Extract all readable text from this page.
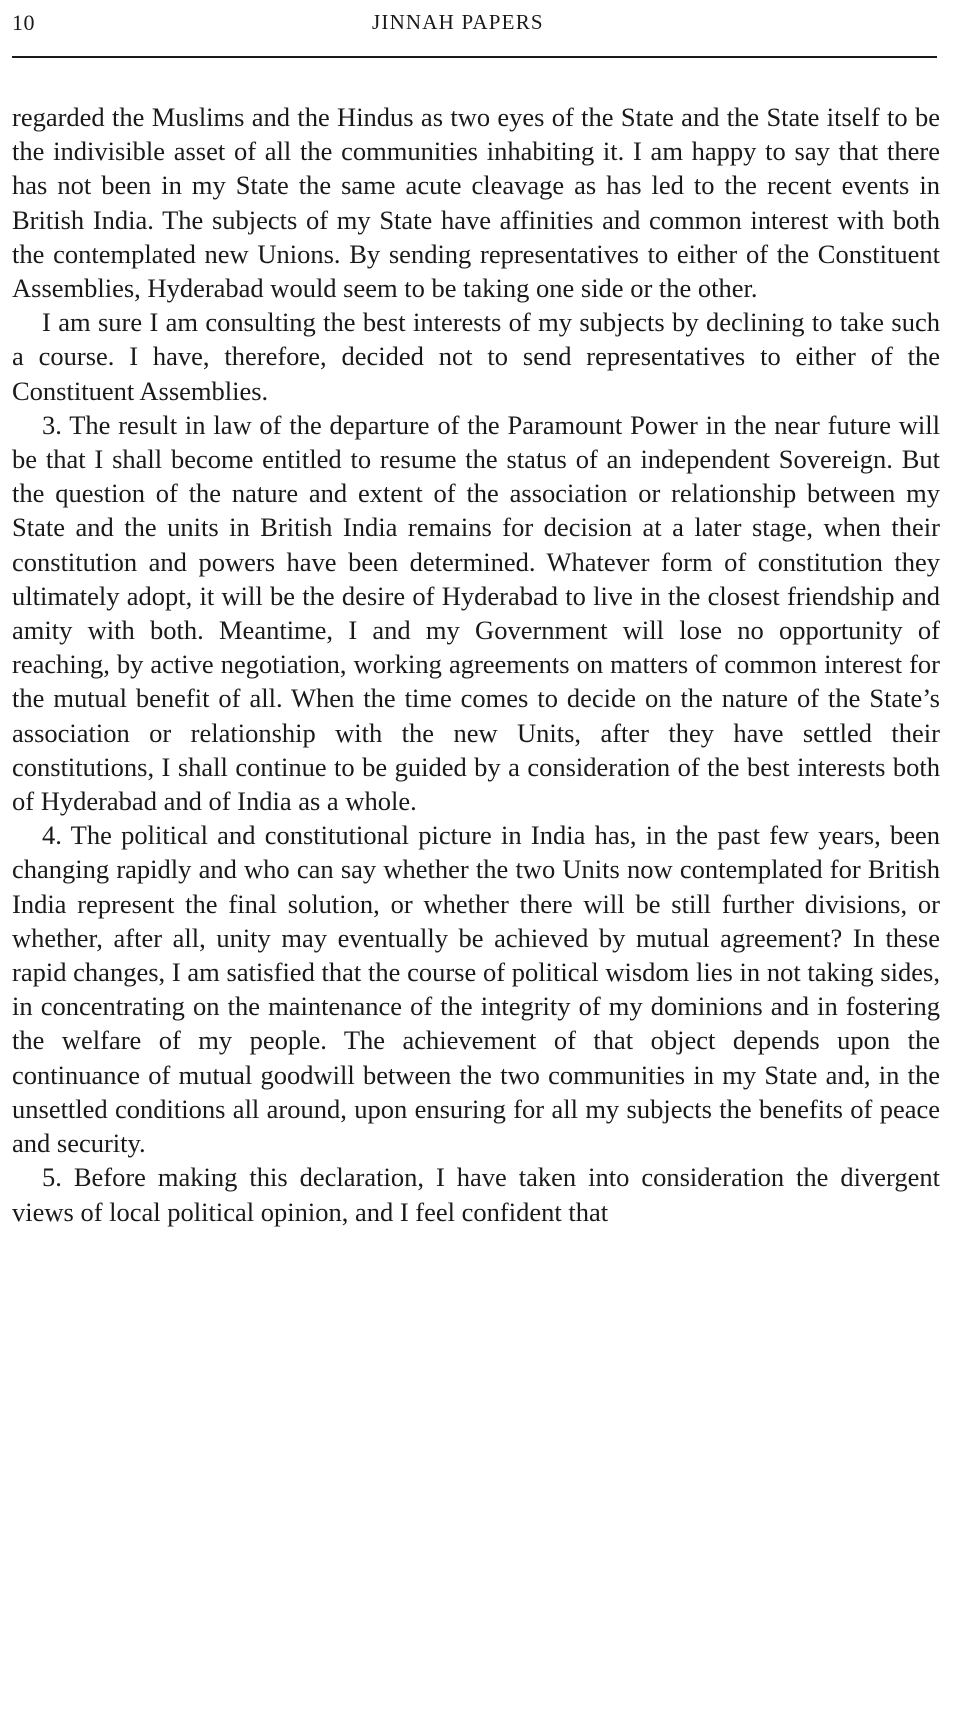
10	JINNAH PAPERS

regarded the Muslims and the Hindus as two eyes of the State and the State itself to be the indivisible asset of all the communities inhabiting it. I am happy to say that there has not been in my State the same acute cleavage as has led to the recent events in British India. The subjects of my State have affinities and common interest with both the contemplated new Unions. By sending representatives to either of the Constituent Assemblies, Hyderabad would seem to be taking one side or the other.

I am sure I am consulting the best interests of my subjects by declining to take such a course. I have, therefore, decided not to send representatives to either of the Constituent Assemblies.

3. The result in law of the departure of the Paramount Power in the near future will be that I shall become entitled to resume the status of an independent Sovereign. But the question of the nature and extent of the association or relationship between my State and the units in British India remains for decision at a later stage, when their constitution and powers have been determined. Whatever form of constitution they ultimately adopt, it will be the desire of Hyderabad to live in the closest friendship and amity with both. Meantime, I and my Government will lose no opportunity of reaching, by active negotiation, working agreements on matters of common interest for the mutual benefit of all. When the time comes to decide on the nature of the State’s association or relationship with the new Units, after they have settled their constitutions, I shall continue to be guided by a consideration of the best interests both of Hyderabad and of India as a whole.

4. The political and constitutional picture in India has, in the past few years, been changing rapidly and who can say whether the two Units now contemplated for British India represent the final solution, or whether there will be still further divisions, or whether, after all, unity may eventually be achieved by mutual agreement? In these rapid changes, I am satisfied that the course of political wisdom lies in not taking sides, in concentrating on the maintenance of the integrity of my dominions and in fostering the welfare of my people. The achievement of that object depends upon the continuance of mutual goodwill between the two communities in my State and, in the unsettled conditions all around, upon ensuring for all my subjects the benefits of peace and security.

5. Before making this declaration, I have taken into consideration the divergent views of local political opinion, and I feel confident that
